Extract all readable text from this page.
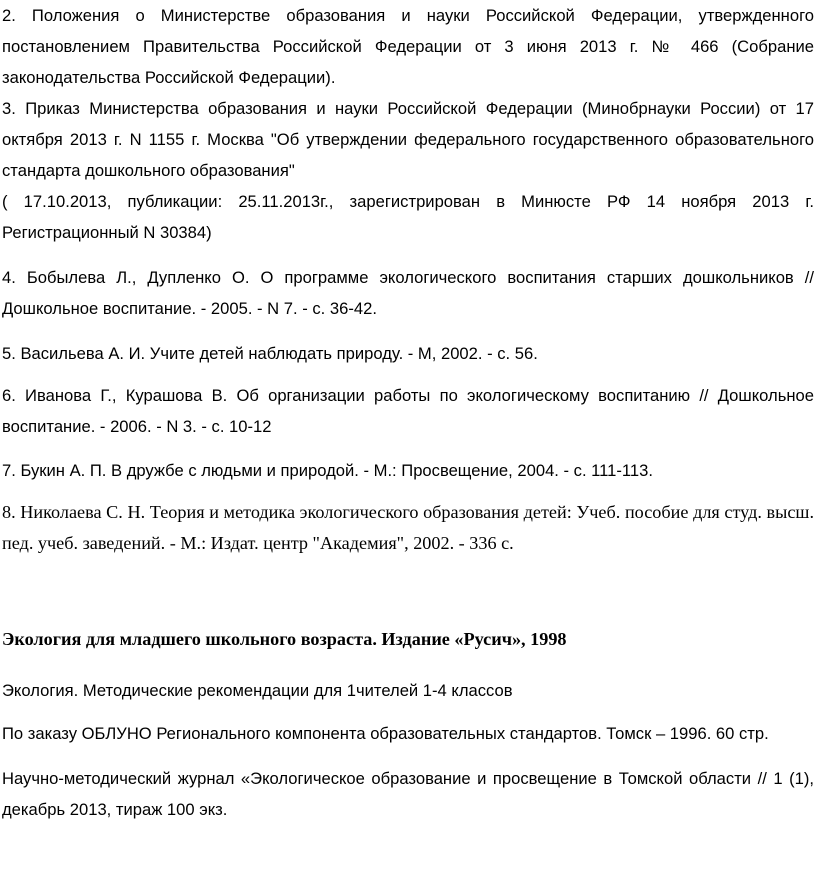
2. Положения о Министерстве образования и науки Российской Федерации, утвержденного постановлением Правительства Российской Федерации от 3 июня 2013 г. № 466 (Собрание законодательства Российской Федерации).

3. Приказ Министерства образования и науки Российской Федерации (Минобрнауки России) от 17 октября 2013 г. N 1155 г. Москва "Об утверждении федерального государственного образовательного стандарта дошкольного образования"

( 17.10.2013, публикации: 25.11.2013г., зарегистрирован в Минюсте РФ 14 ноября 2013 г. Регистрационный N 30384)

4. Бобылева Л., Дупленко О. О программе экологического воспитания старших дошкольников // Дошкольное воспитание. - 2005. - N 7. - с. 36-42.

5. Васильева А. И. Учите детей наблюдать природу. - М, 2002. - с. 56.

6. Иванова Г., Курашова В. Об организации работы по экологическому воспитанию // Дошкольное воспитание. - 2006. - N 3. - с. 10-12

7. Букин А. П. В дружбе с людьми и природой. - М.: Просвещение, 2004. - с. 111-113.

8. Николаева С. Н. Теория и методика экологического образования детей: Учеб. пособие для студ. высш. пед. учеб. заведений. - М.: Издат. центр "Академия", 2002. - 336 с.

Экология для младшего школьного возраста. Издание «Русич», 1998

Экология. Методические рекомендации для 1чителей 1-4 классов

По заказу ОБЛУНО Регионального компонента образовательных стандартов. Томск – 1996. 60 стр.

Научно-методический журнал «Экологическое образование и просвещение в Томской области // 1 (1), декабрь 2013, тираж 100 экз.
